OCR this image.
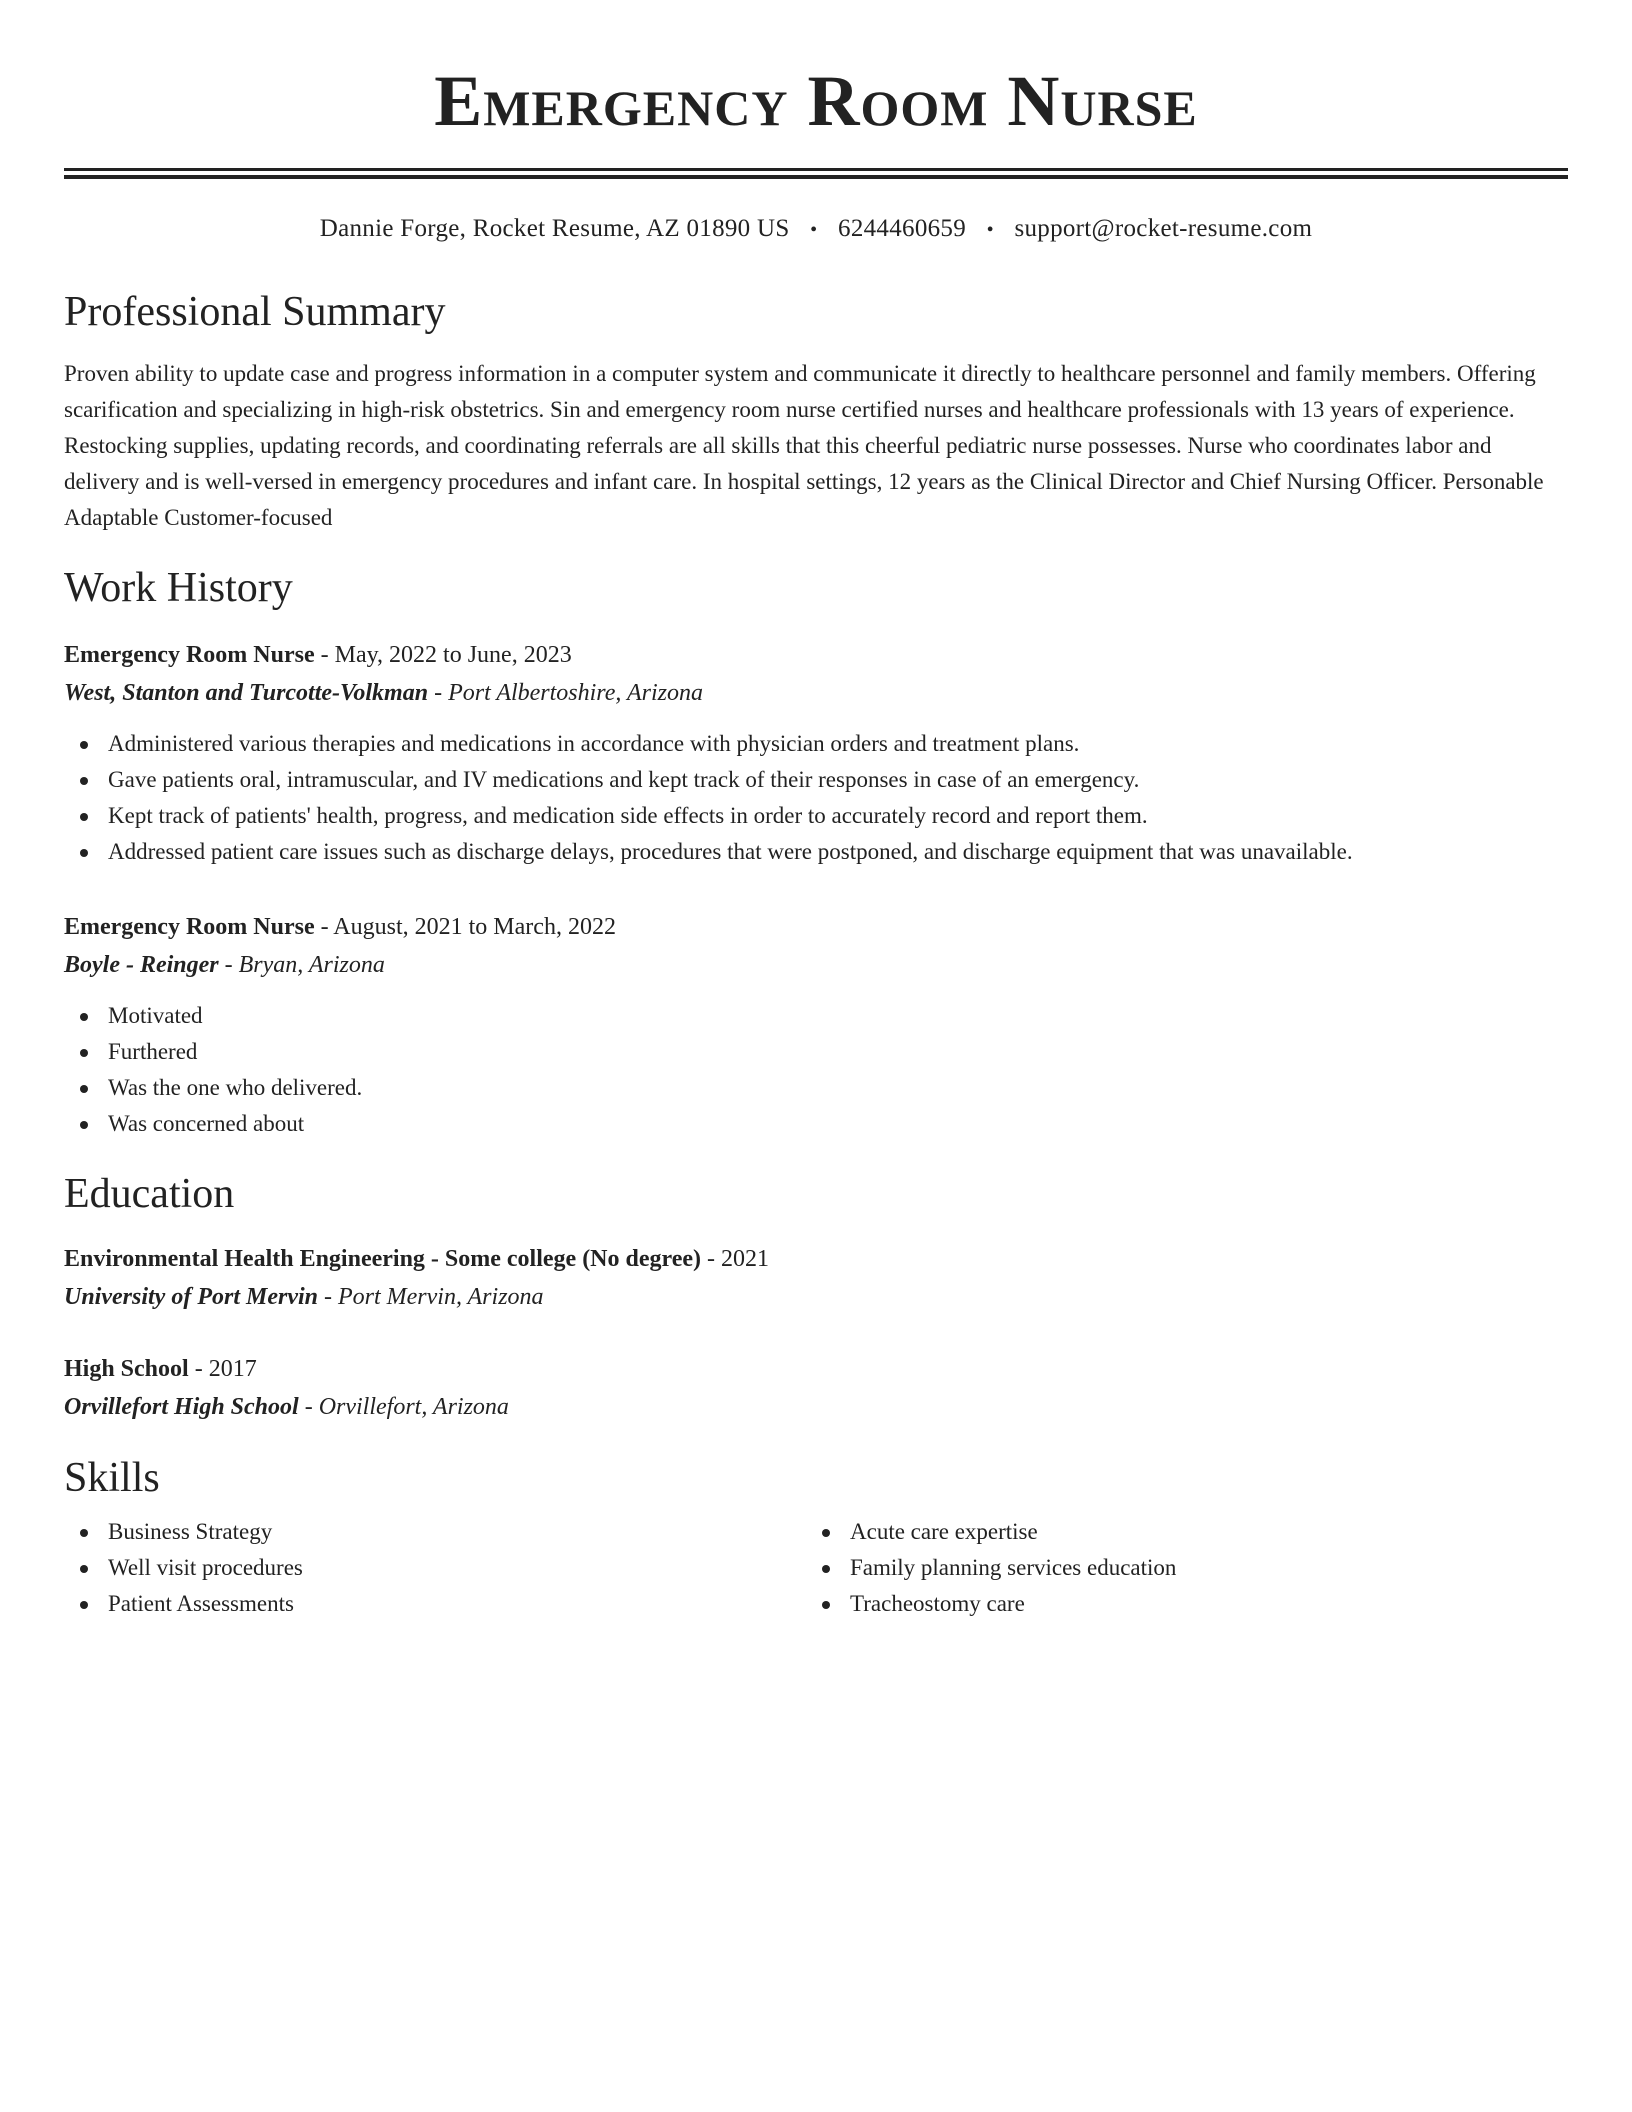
Emergency Room Nurse
Dannie Forge, Rocket Resume, AZ 01890 US • 6244460659 • support@rocket-resume.com
Professional Summary

Proven ability to update case and progress information in a computer system and communicate it directly to healthcare personnel and family members. Offering scarification and specializing in high-risk obstetrics. Sin and emergency room nurse certified nurses and healthcare professionals with 13 years of experience. Restocking supplies, updating records, and coordinating referrals are all skills that this cheerful pediatric nurse possesses. Nurse who coordinates labor and delivery and is well-versed in emergency procedures and infant care. In hospital settings, 12 years as the Clinical Director and Chief Nursing Officer. Personable Adaptable Customer-focused

Work History
Emergency Room Nurse - May, 2022 to June, 2023
West, Stanton and Turcotte-Volkman - Port Albertoshire, Arizona
Administered various therapies and medications in accordance with physician orders and treatment plans.
Gave patients oral, intramuscular, and IV medications and kept track of their responses in case of an emergency.
Kept track of patients' health, progress, and medication side effects in order to accurately record and report them.
Addressed patient care issues such as discharge delays, procedures that were postponed, and discharge equipment that was unavailable.
Emergency Room Nurse - August, 2021 to March, 2022
Boyle - Reinger - Bryan, Arizona
Motivated
Furthered
Was the one who delivered.
Was concerned about
Education
Environmental Health Engineering - Some college (No degree) - 2021
University of Port Mervin - Port Mervin, Arizona
High School - 2017
Orvillefort High School - Orvillefort, Arizona
Skills
Business Strategy
Well visit procedures
Patient Assessments
Acute care expertise
Family planning services education
Tracheostomy care
